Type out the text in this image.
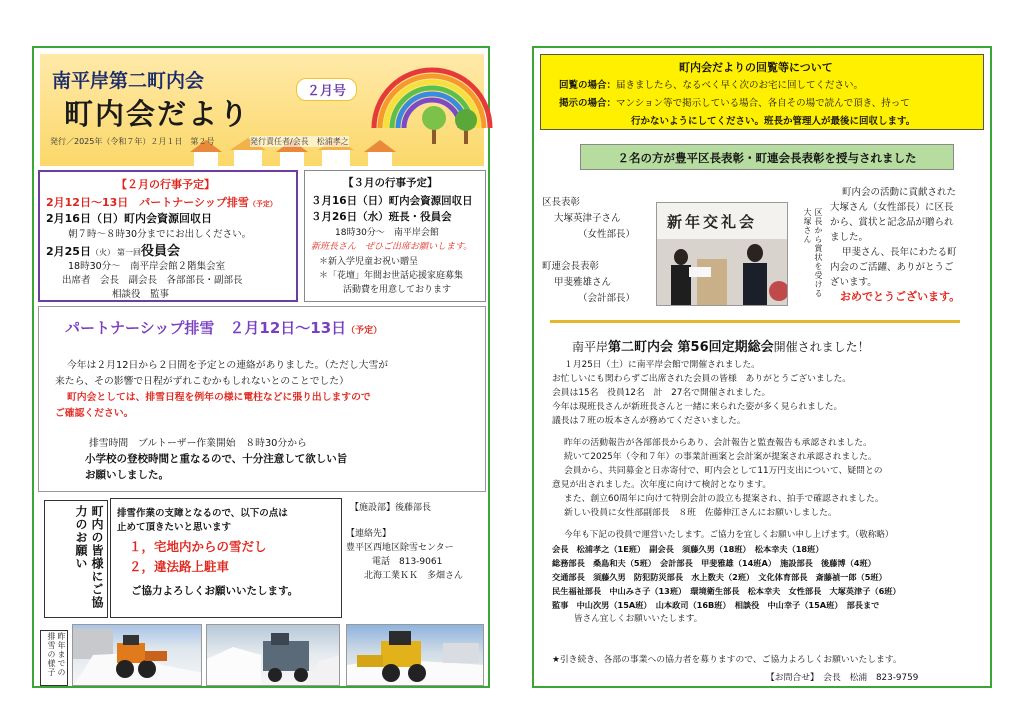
南平岸第二町内会
町内会だより
２月号
発行／2025年（令和７年）２月１日　第２号	発行責任者/会長　松浦孝之
【２月の行事予定】
2月12日～13日　パートナーシップ排雪（予定）
2月16日（日）町内会資源回収日
朝７時～８時30分までにお出しください。
2月25日（火） 第一回役員会
18時30分～　南平岸会館２階集会室
出席者　会長　副会長　各部部長・副部長
相談役　監事
【３月の行事予定】
３月16日（日）町内会資源回収日
３月26日（水）班長・役員会
18時30分～　南平岸会館
新班長さん　ぜひご出席お願いします。
＊新入学児童お祝い贈呈
＊「花壇」年間お世話応援家庭募集
活動費を用意しております
パートナーシップ排雪　２月12日～13日（予定）
今年は２月12日から２日間を予定との連絡がありました。（ただし大雪が
来たら、その影響で日程がずれこむかもしれないとのことでした）
町内会としては、排雪日程を例年の様に電柱などに張り出しますので
ご確認ください。
排雪時間　ブルトーザー作業開始　８時30分から
小学校の登校時間と重なるので、十分注意して欲しい旨
お願いしました。
町内の皆様にご協力のお願い	排雪作業の支障となるので、以下の点は
止めて頂きたいと思います
１，宅地内からの雪だし
２，違法路上駐車
ご協力よろしくお願いいたします。
【施設部】後藤部長
【連絡先】
豊平区西地区除雪センター
電話　813-9061
北海工業ＫＫ　多畑さん
昨年までの排雪の様子
町内会だよりの回覧等について
回覧の場合：届きましたら、なるべく早く次のお宅に回してください。
掲示の場合：マンション等で掲示している場合、各自その場で読んで頂き、持って
行かないようにしてください。班長か管理人が最後に回収します。
２名の方が豊平区長表彰・町連会長表彰を授与されました
区長表彰
大塚英津子さん
（女性部長）
町連会長表彰
甲斐雅雄さん
（会計部長）
新年交礼会	区長から賞状を受ける大塚さん
町内会の活動に貢献された
大塚さん（女性部長）に区長
から、賞状と記念品が贈られ
ました。
甲斐さん、長年にわたる町
内会のご活躍、ありがとうご
ざいます。
おめでとうございます。
南平岸第二町内会 第56回定期総会開催されました！
１月25日（土）に南平岸会館で開催されました。
お忙しいにも関わらずご出席された会員の皆様　ありがとうございました。
会員は15名　役員12名　計　27名で開催されました。
今年は現班長さんが新班長さんと一緒に来られた姿が多く見られました。
議長は７班の坂本さんが務めてくださいました。
昨年の活動報告が各部部長からあり、会計報告と監査報告も承認されました。
続いて2025年（令和７年）の事業計画案と会計案が提案され承認されました。
会員から、共同募金と日赤寄付で、町内会として11万円支出について、疑問との
意見が出されました。次年度に向けて検討となります。
また、創立60周年に向けて特別会計の設立も提案され、拍手で確認されました。
新しい役員に女性部副部長　８班　佐藤伸江さんにお願いしました。
今年も下記の役員で運営いたします。ご協力を宜しくお願い申し上げます。（敬称略）
会長　松浦孝之（1E班）　副会長　須藤久男（18班）　松本幸夫（18班）
総務部長　桑島和夫（5班）　会計部長　甲斐雅雄（14班A）　施設部長　後藤博（4班）
交通部長　須藤久男　防犯防災部長　水上数夫（2班）　文化体育部長　斎藤禎一郎（5班）
民生福祉部長　中山みさ子（13班）　環境衛生部長　松本幸夫　女性部長　大塚英津子（6班）
監事　中山次男（15A班）　山本政司（16B班）　相談役　中山幸子（15A班）　部長まで
皆さん宜しくお願いいたします。
★引き続き、各部の事業への協力者を募りますので、ご協力よろしくお願いいたします。
【お問合せ】　会長　松浦　823-9759
